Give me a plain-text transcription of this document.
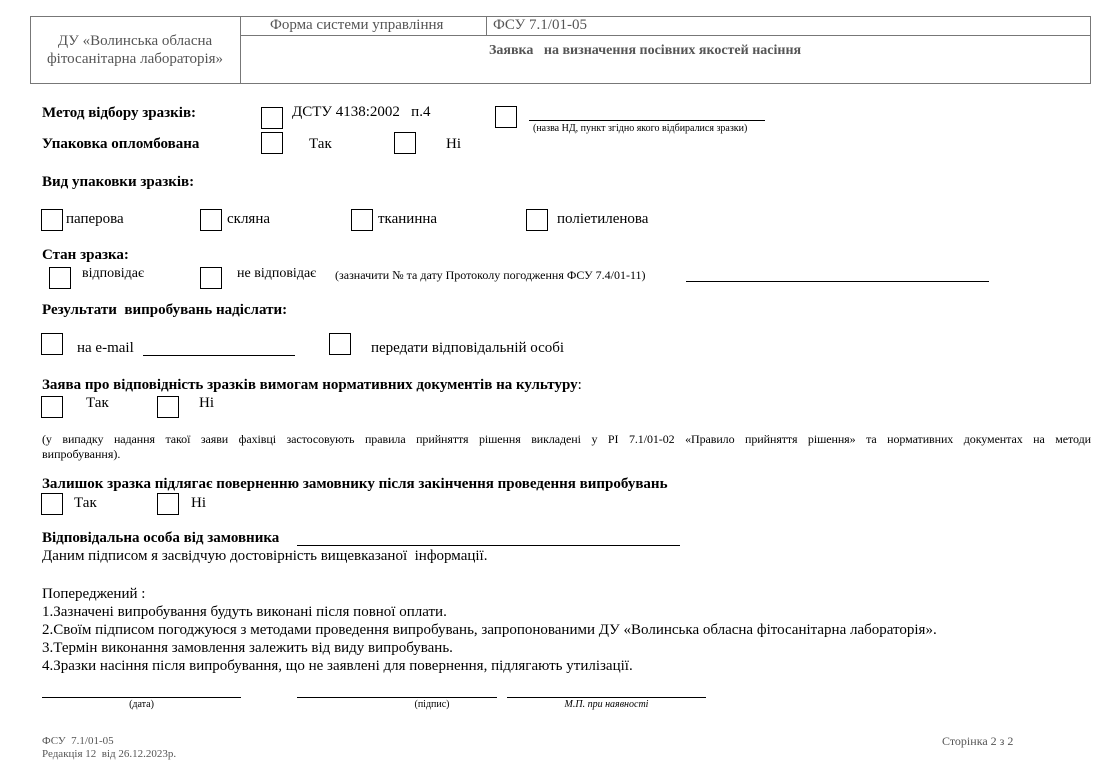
ДУ «Волинська обласна
фітосанітарна лабораторія»
Форма системи управління	ФСУ 7.1/01-05
Заявка   на визначення посівних якостей насіння
Метод відбору зразків:	ДСТУ 4138:2002   п.4
(назва НД, пункт згідно якого відбиралися зразки)
Упаковка опломбована	Так	Ні
Вид упаковки зразків:
паперова	скляна	тканинна	поліетиленова
Стан зразка:
відповідає	не відповідає (зазначити № та дату Протоколу погодження ФСУ 7.4/01-11)
Результати  випробувань надіслати:
на e-mail	передати відповідальній особі
Заява про відповідність зразків вимогам нормативних документів на культуру:
Так	Ні
(у випадку надання такої заяви фахівці застосовують правила прийняття рішення викладені у РІ 7.1/01-02 «Правило прийняття рішення» та нормативних документах на методи
випробування).
Залишок зразка підлягає поверненню замовнику після закінчення проведення випробувань
Так	Ні
Відповідальна особа від замовника
Даним підписом я засвідчую достовірність вищевказаної  інформації.
Попереджений :
1.Зазначені випробування будуть виконані після повної оплати.
2.Своїм підписом погоджуюся з методами проведення випробувань, запропонованими ДУ «Волинська обласна фітосанітарна лабораторія».
3.Термін виконання замовлення залежить від виду випробувань.
4.Зразки насіння після випробування, що не заявлені для повернення, підлягають утилізації.
(дата)	(підпис)	М.П. при наявності
ФСУ  7.1/01-05
Редакція 12  від 26.12.2023р.
Сторінка 2 з 2
